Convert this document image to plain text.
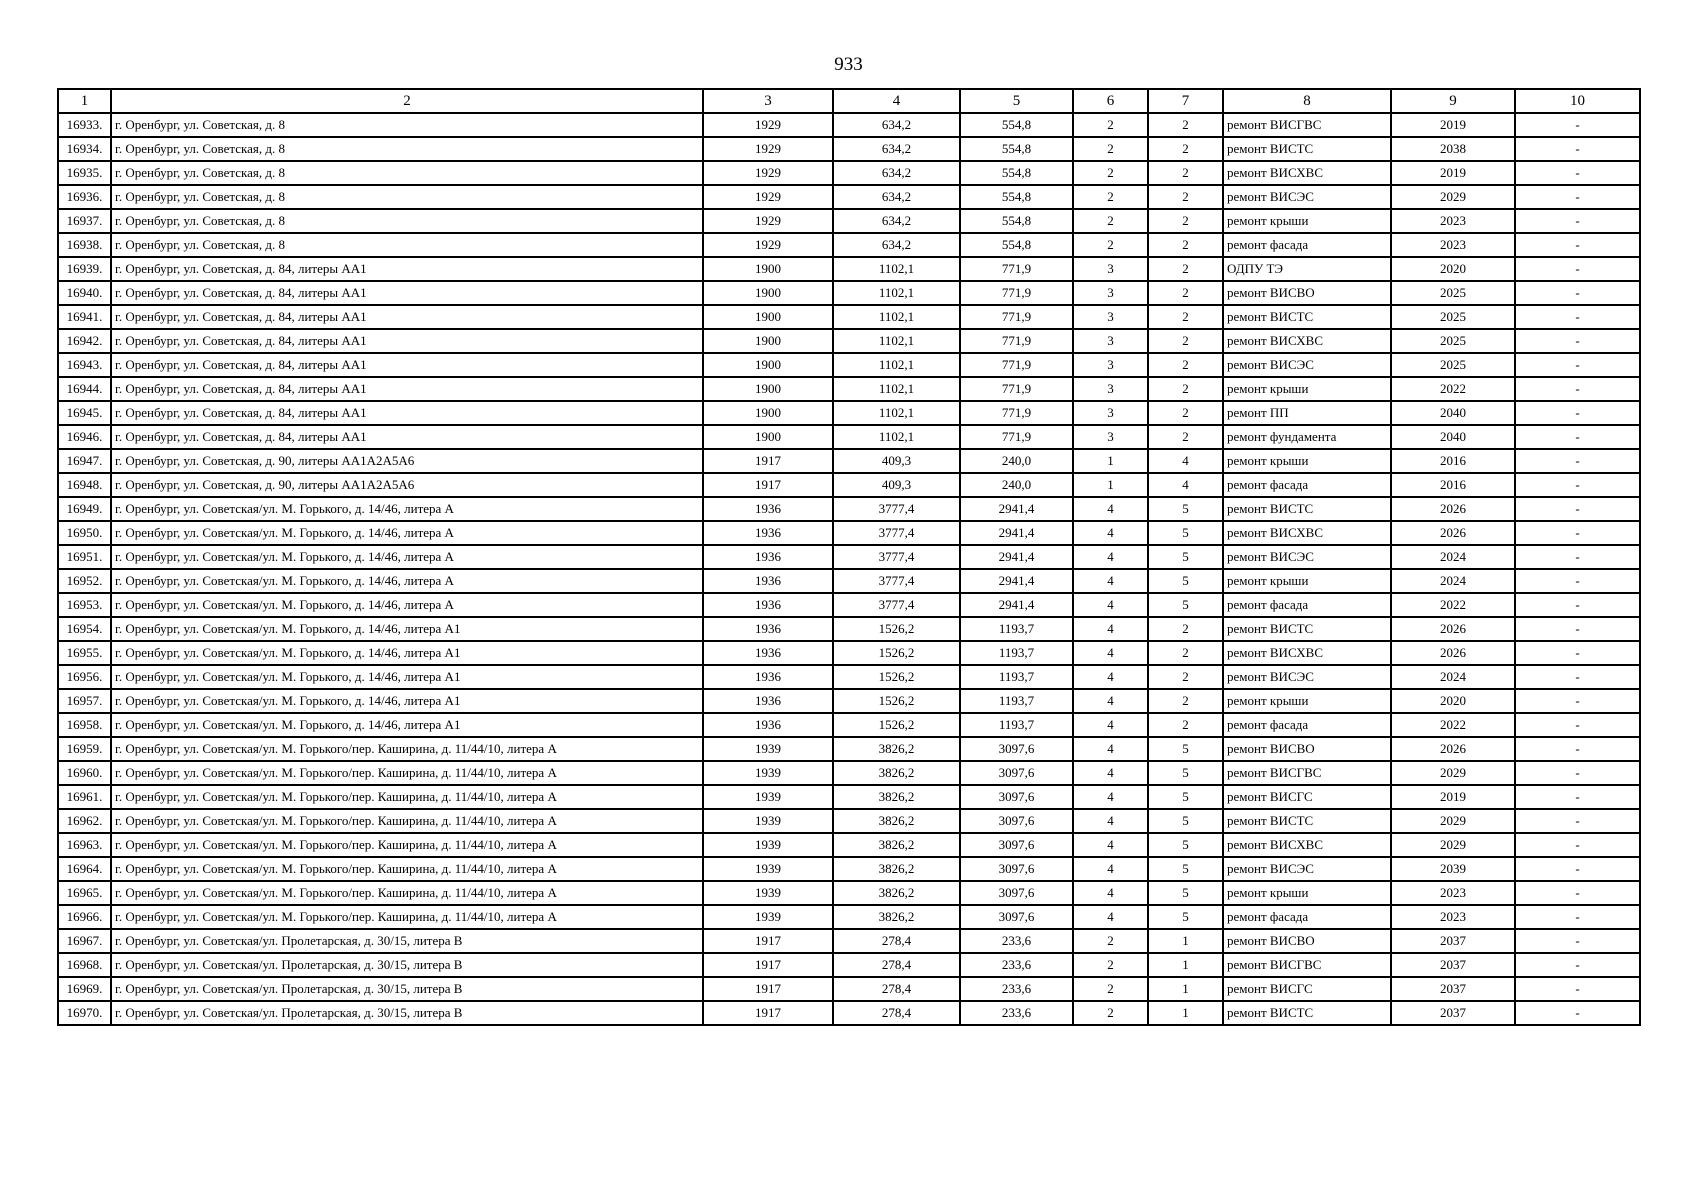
933
1	2	3	4	5	6	7	8	9	10
16933.	г. Оренбург, ул. Советская, д. 8	1929	634,2	554,8	2	2	ремонт ВИСГВС	2019	-
16934.	г. Оренбург, ул. Советская, д. 8	1929	634,2	554,8	2	2	ремонт ВИСТС	2038	-
16935.	г. Оренбург, ул. Советская, д. 8	1929	634,2	554,8	2	2	ремонт ВИСХВС	2019	-
16936.	г. Оренбург, ул. Советская, д. 8	1929	634,2	554,8	2	2	ремонт ВИСЭС	2029	-
16937.	г. Оренбург, ул. Советская, д. 8	1929	634,2	554,8	2	2	ремонт крыши	2023	-
16938.	г. Оренбург, ул. Советская, д. 8	1929	634,2	554,8	2	2	ремонт фасада	2023	-
16939.	г. Оренбург, ул. Советская, д. 84, литеры АА1	1900	1102,1	771,9	3	2	ОДПУ ТЭ	2020	-
16940.	г. Оренбург, ул. Советская, д. 84, литеры АА1	1900	1102,1	771,9	3	2	ремонт ВИСВО	2025	-
16941.	г. Оренбург, ул. Советская, д. 84, литеры АА1	1900	1102,1	771,9	3	2	ремонт ВИСТС	2025	-
16942.	г. Оренбург, ул. Советская, д. 84, литеры АА1	1900	1102,1	771,9	3	2	ремонт ВИСХВС	2025	-
16943.	г. Оренбург, ул. Советская, д. 84, литеры АА1	1900	1102,1	771,9	3	2	ремонт ВИСЭС	2025	-
16944.	г. Оренбург, ул. Советская, д. 84, литеры АА1	1900	1102,1	771,9	3	2	ремонт крыши	2022	-
16945.	г. Оренбург, ул. Советская, д. 84, литеры АА1	1900	1102,1	771,9	3	2	ремонт ПП	2040	-
16946.	г. Оренбург, ул. Советская, д. 84, литеры АА1	1900	1102,1	771,9	3	2	ремонт фундамента	2040	-
16947.	г. Оренбург, ул. Советская, д. 90, литеры АА1А2А5А6	1917	409,3	240,0	1	4	ремонт крыши	2016	-
16948.	г. Оренбург, ул. Советская, д. 90, литеры АА1А2А5А6	1917	409,3	240,0	1	4	ремонт фасада	2016	-
16949.	г. Оренбург, ул. Советская/ул. М. Горького, д. 14/46, литера А	1936	3777,4	2941,4	4	5	ремонт ВИСТС	2026	-
16950.	г. Оренбург, ул. Советская/ул. М. Горького, д. 14/46, литера А	1936	3777,4	2941,4	4	5	ремонт ВИСХВС	2026	-
16951.	г. Оренбург, ул. Советская/ул. М. Горького, д. 14/46, литера А	1936	3777,4	2941,4	4	5	ремонт ВИСЭС	2024	-
16952.	г. Оренбург, ул. Советская/ул. М. Горького, д. 14/46, литера А	1936	3777,4	2941,4	4	5	ремонт крыши	2024	-
16953.	г. Оренбург, ул. Советская/ул. М. Горького, д. 14/46, литера А	1936	3777,4	2941,4	4	5	ремонт фасада	2022	-
16954.	г. Оренбург, ул. Советская/ул. М. Горького, д. 14/46, литера А1	1936	1526,2	1193,7	4	2	ремонт ВИСТС	2026	-
16955.	г. Оренбург, ул. Советская/ул. М. Горького, д. 14/46, литера А1	1936	1526,2	1193,7	4	2	ремонт ВИСХВС	2026	-
16956.	г. Оренбург, ул. Советская/ул. М. Горького, д. 14/46, литера А1	1936	1526,2	1193,7	4	2	ремонт ВИСЭС	2024	-
16957.	г. Оренбург, ул. Советская/ул. М. Горького, д. 14/46, литера А1	1936	1526,2	1193,7	4	2	ремонт крыши	2020	-
16958.	г. Оренбург, ул. Советская/ул. М. Горького, д. 14/46, литера А1	1936	1526,2	1193,7	4	2	ремонт фасада	2022	-
16959.	г. Оренбург, ул. Советская/ул. М. Горького/пер. Каширина, д. 11/44/10, литера А	1939	3826,2	3097,6	4	5	ремонт ВИСВО	2026	-
16960.	г. Оренбург, ул. Советская/ул. М. Горького/пер. Каширина, д. 11/44/10, литера А	1939	3826,2	3097,6	4	5	ремонт ВИСГВС	2029	-
16961.	г. Оренбург, ул. Советская/ул. М. Горького/пер. Каширина, д. 11/44/10, литера А	1939	3826,2	3097,6	4	5	ремонт ВИСГС	2019	-
16962.	г. Оренбург, ул. Советская/ул. М. Горького/пер. Каширина, д. 11/44/10, литера А	1939	3826,2	3097,6	4	5	ремонт ВИСТС	2029	-
16963.	г. Оренбург, ул. Советская/ул. М. Горького/пер. Каширина, д. 11/44/10, литера А	1939	3826,2	3097,6	4	5	ремонт ВИСХВС	2029	-
16964.	г. Оренбург, ул. Советская/ул. М. Горького/пер. Каширина, д. 11/44/10, литера А	1939	3826,2	3097,6	4	5	ремонт ВИСЭС	2039	-
16965.	г. Оренбург, ул. Советская/ул. М. Горького/пер. Каширина, д. 11/44/10, литера А	1939	3826,2	3097,6	4	5	ремонт крыши	2023	-
16966.	г. Оренбург, ул. Советская/ул. М. Горького/пер. Каширина, д. 11/44/10, литера А	1939	3826,2	3097,6	4	5	ремонт фасада	2023	-
16967.	г. Оренбург, ул. Советская/ул. Пролетарская, д. 30/15, литера В	1917	278,4	233,6	2	1	ремонт ВИСВО	2037	-
16968.	г. Оренбург, ул. Советская/ул. Пролетарская, д. 30/15, литера В	1917	278,4	233,6	2	1	ремонт ВИСГВС	2037	-
16969.	г. Оренбург, ул. Советская/ул. Пролетарская, д. 30/15, литера В	1917	278,4	233,6	2	1	ремонт ВИСГС	2037	-
16970.	г. Оренбург, ул. Советская/ул. Пролетарская, д. 30/15, литера В	1917	278,4	233,6	2	1	ремонт ВИСТС	2037	-
